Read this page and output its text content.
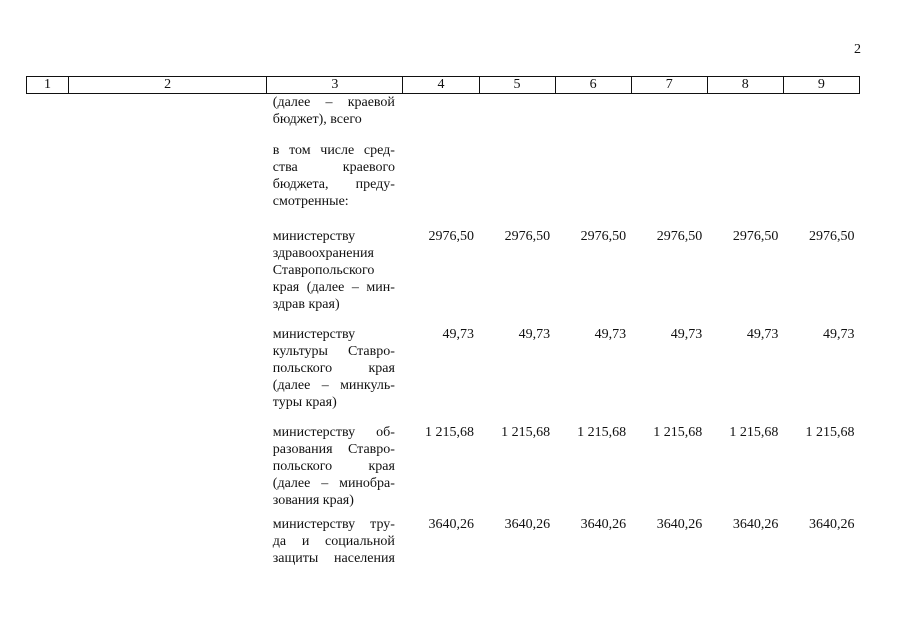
2
1	2	3	4	5	6	7	8	9

		(далее – краевой
бюджет), всего						

		в том числе сред-
ства краевого
бюджета, преду-
смотренные:						

		министерству
здравоохранения
Ставропольского
края (далее – мин-
здрав края)	2976,50	2976,50	2976,50	2976,50	2976,50	2976,50

		министерству
культуры Ставро-
польского края
(далее – минкуль-
туры края)	49,73	49,73	49,73	49,73	49,73	49,73

		министерству об-
разования Ставро-
польского края
(далее – минобра-
зования края)	1 215,68	1 215,68	1 215,68	1 215,68	1 215,68	1 215,68

		министерству тру-
да и социальной
защиты населения	3640,26	3640,26	3640,26	3640,26	3640,26	3640,26
